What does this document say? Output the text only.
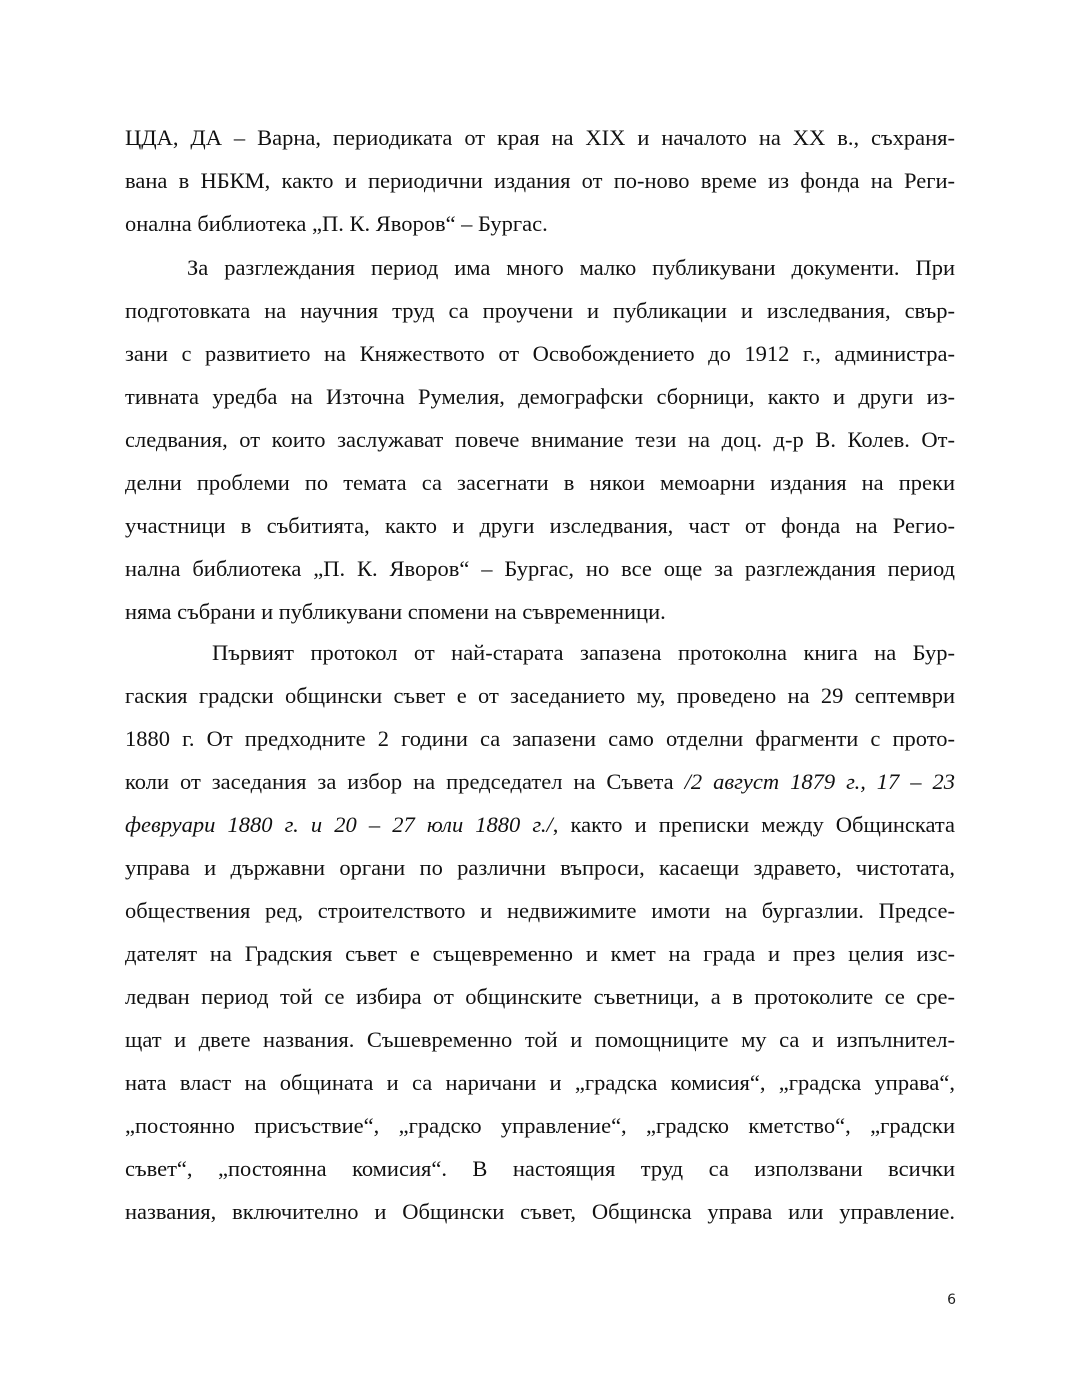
ЦДА, ДА – Варна, периодиката от края на XIX и началото на XX в., съхраня-
вана в НБКМ, както и периодични издания от по-ново време из фонда на Реги-
онална библиотека „П. К. Яворов“ – Бургас.
За разглеждания период има много малко публикувани документи. При
подготовката на научния труд са проучени и публикации и изследвания, свър-
зани с развитието на Княжеството от Освобождението до 1912 г., администра-
тивната уредба на Източна Румелия, демографски сборници, както и други из-
следвания, от които заслужават повече внимание тези на доц. д-р В. Колев. От-
делни проблеми по темата са засегнати в някои мемоарни издания на преки
участници в събитията, както и други изследвания, част от фонда на Регио-
нална библиотека „П. К. Яворов“ – Бургас, но все още за разглеждания период
няма събрани и публикувани спомени на съвременници.
Първият протокол от най-старата запазена протоколна книга на Бур-
гаския градски общински съвет е от заседанието му, проведено на 29 септември
1880 г. От предходните 2 години са запазени само отделни фрагменти с прото-
коли от заседания за избор на председател на Съвета /2 август 1879 г., 17 – 23
февруари 1880 г. и 20 – 27 юли 1880 г./, както и преписки между Общинската
управа и държавни органи по различни въпроси, касаещи здравето, чистотата,
обществения ред, строителството и недвижимите имоти на бургазлии. Предсе-
дателят на Градския съвет е същевременно и кмет на града и през целия изс-
ледван период той се избира от общинските съветници, а в протоколите се сре-
щат и двете названия. Съшевременно той и помощниците му са и изпълнител-
ната власт на общината и са наричани и „градска комисия“, „градска управа“,
„постоянно присъствие“, „градско управление“, „градско кметство“, „градски
съвет“, „постоянна комисия“. В настоящия труд са използвани всички
названия, включително и Общински съвет, Общинска управа или управление.
6
